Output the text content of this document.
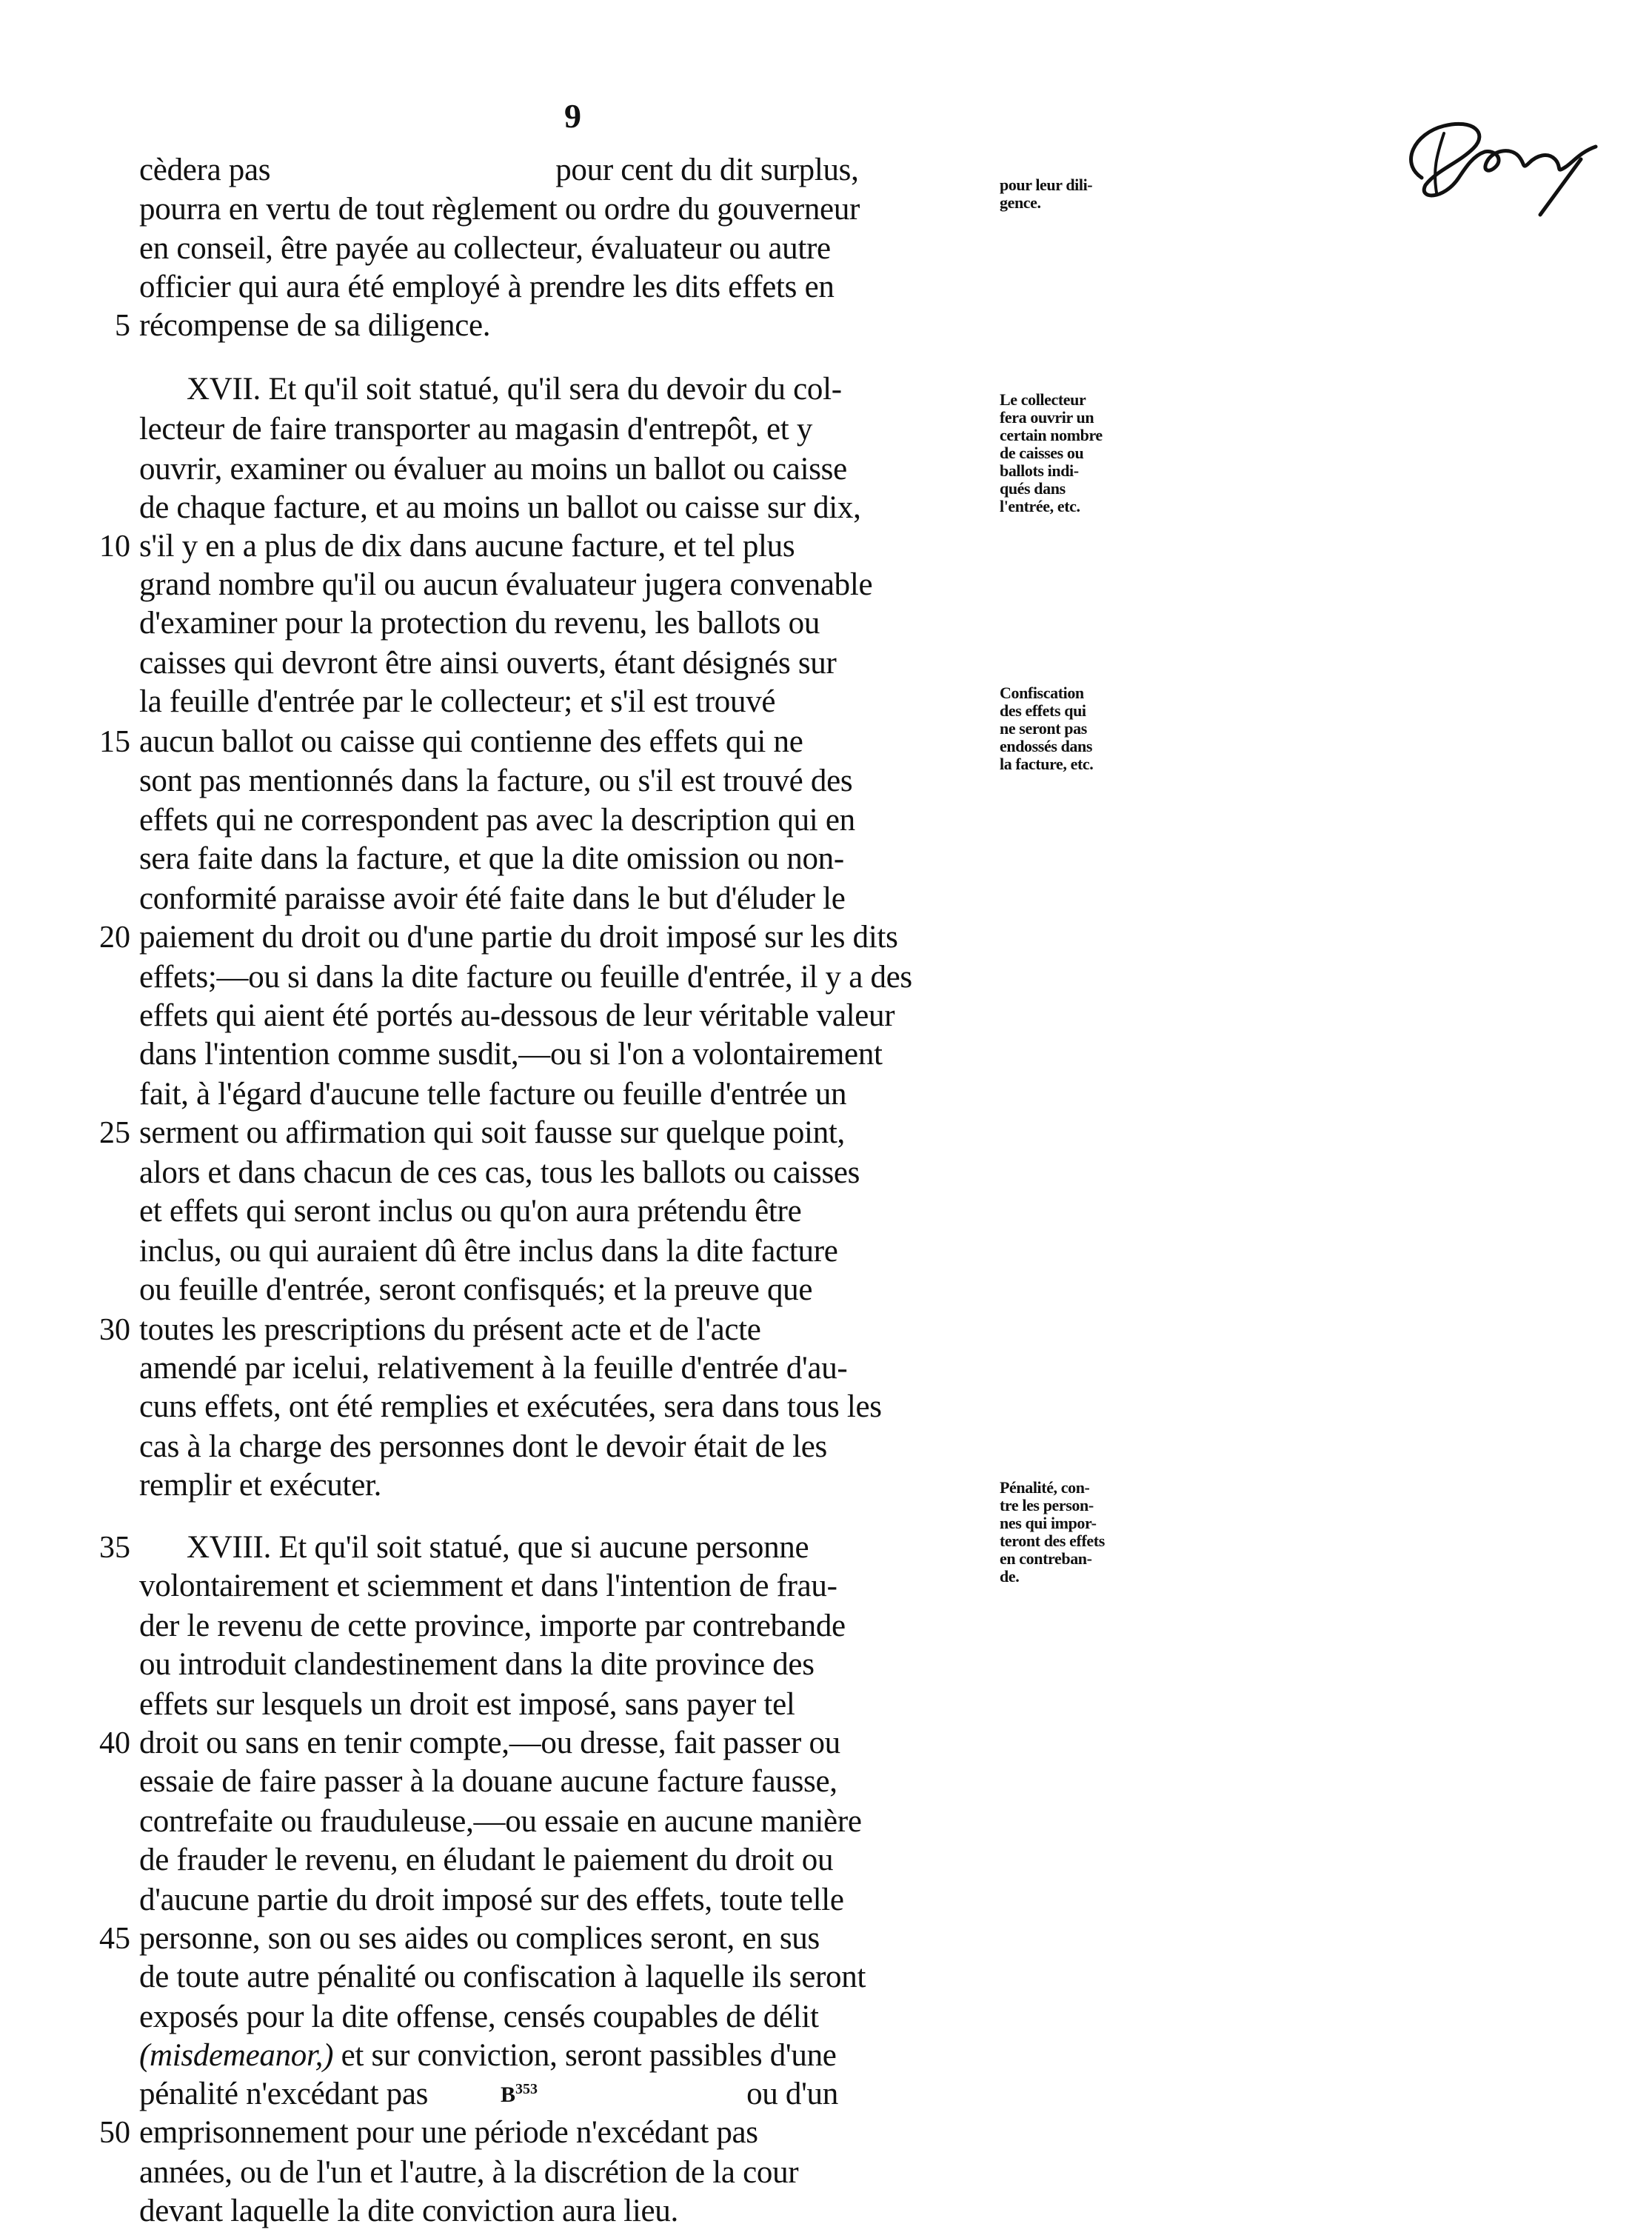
9
cèdera pas	pour cent du dit surplus,
pourra en vertu de tout règlement ou ordre du gouverneur
en conseil, être payée au collecteur, évaluateur ou autre
officier qui aura été employé à prendre les dits effets en
récompense de sa diligence.
5
XVII. Et qu'il soit statué, qu'il sera du devoir du col-
lecteur de faire transporter au magasin d'entrepôt, et y
ouvrir, examiner ou évaluer au moins un ballot ou caisse
de chaque facture, et au moins un ballot ou caisse sur dix,
s'il y en a plus de dix dans aucune facture, et tel plus
10
grand nombre qu'il ou aucun évaluateur jugera convenable
d'examiner pour la protection du revenu, les ballots ou
caisses qui devront être ainsi ouverts, étant désignés sur
la feuille d'entrée par le collecteur; et s'il est trouvé
aucun ballot ou caisse qui contienne des effets qui ne
15
sont pas mentionnés dans la facture, ou s'il est trouvé des
effets qui ne correspondent pas avec la description qui en
sera faite dans la facture, et que la dite omission ou non-
conformité paraisse avoir été faite dans le but d'éluder le
paiement du droit ou d'une partie du droit imposé sur les dits
20
effets;—ou si dans la dite facture ou feuille d'entrée, il y a des
effets qui aient été portés au-dessous de leur véritable valeur
dans l'intention comme susdit,—ou si l'on a volontairement
fait, à l'égard d'aucune telle facture ou feuille d'entrée un
serment ou affirmation qui soit fausse sur quelque point,
25
alors et dans chacun de ces cas, tous les ballots ou caisses
et effets qui seront inclus ou qu'on aura prétendu être
inclus, ou qui auraient dû être inclus dans la dite facture
ou feuille d'entrée, seront confisqués; et la preuve que
toutes les prescriptions du présent acte et de l'acte
30
amendé par icelui, relativement à la feuille d'entrée d'au-
cuns effets, ont été remplies et exécutées, sera dans tous les
cas à la charge des personnes dont le devoir était de les
remplir et exécuter.
XVIII. Et qu'il soit statué, que si aucune personne
35
volontairement et sciemment et dans l'intention de frau-
der le revenu de cette province, importe par contrebande
ou introduit clandestinement dans la dite province des
effets sur lesquels un droit est imposé, sans payer tel
droit ou sans en tenir compte,—ou dresse, fait passer ou
40
essaie de faire passer à la douane aucune facture fausse,
contrefaite ou frauduleuse,—ou essaie en aucune manière
de frauder le revenu, en éludant le paiement du droit ou
d'aucune partie du droit imposé sur des effets, toute telle
personne, son ou ses aides ou complices seront, en sus
45
de toute autre pénalité ou confiscation à laquelle ils seront
exposés pour la dite offense, censés coupables de délit
(misdemeanor,) et sur conviction, seront passibles d'une
pénalité n'excédant pas	ou d'un
emprisonnement pour une période n'excédant pas
50
années, ou de l'un et l'autre, à la discrétion de la cour
devant laquelle la dite conviction aura lieu.
pour leur dili-
gence.
Le collecteur
fera ouvrir un
certain nombre
de caisses ou
ballots indi-
qués dans
l'entrée, etc.
Confiscation
des effets qui
ne seront pas
endossés dans
la facture, etc.
Pénalité, con-
tre les person-
nes qui impor-
teront des effets
en contreban-
de.
$B^{353}$
